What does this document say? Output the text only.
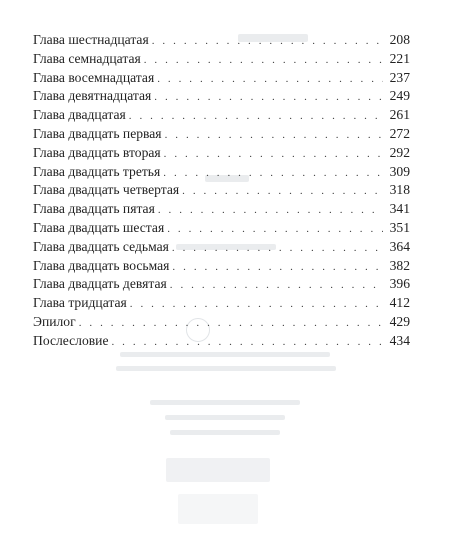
Глава шестнадцатая . . .	208
Глава семнадцатая . . .	221
Глава восемнадцатая . . .	237
Глава девятнадцатая . . .	249
Глава двадцатая . . .	261
Глава двадцать первая . . .	272
Глава двадцать вторая . . .	292
Глава двадцать третья . . .	309
Глава двадцать четвертая . . .	318
Глава двадцать пятая . . .	341
Глава двадцать шестая . . .	351
Глава двадцать седьмая . . .	364
Глава двадцать восьмая . . .	382
Глава двадцать девятая . . .	396
Глава тридцатая . . .	412
Эпилог . . .	429
Послесловие . . .	434
